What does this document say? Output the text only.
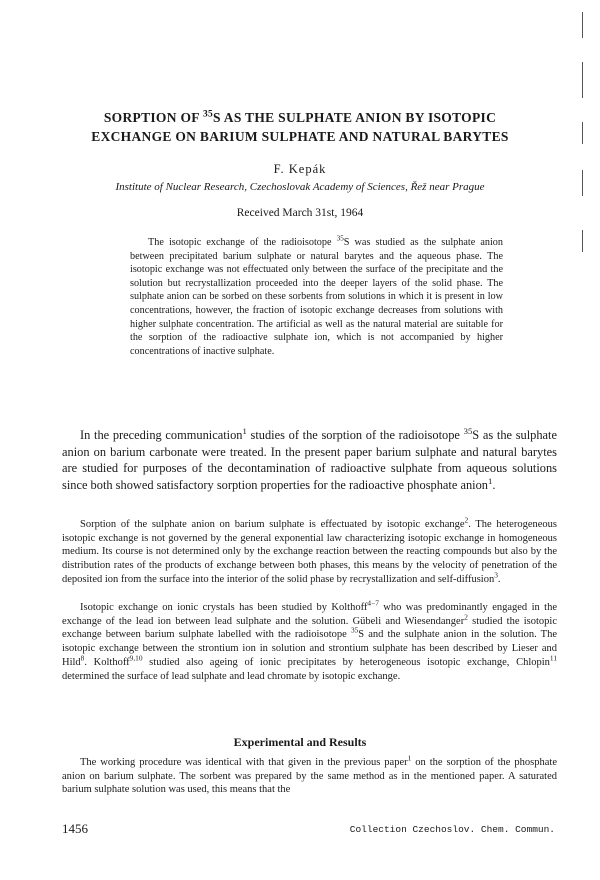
SORPTION OF $^{35}$S AS THE SULPHATE ANION BY ISOTOPIC
EXCHANGE ON BARIUM SULPHATE AND NATURAL BARYTES
F. Kepák
Institute of Nuclear Research, Czechoslovak Academy of Sciences, Řež near Prague
Received March 31st, 1964
The isotopic exchange of the radioisotope $^{35}$S was studied as the sulphate anion between precipitated barium sulphate or natural barytes and the aqueous phase. The isotopic exchange was not effectuated only between the surface of the precipitate and the solution but recrystallization proceeded into the deeper layers of the solid phase. The sulphate anion can be sorbed on these sorbents from solutions in which it is present in low concentrations, however, the fraction of isotopic exchange decreases from solutions with higher sulphate concentration. The artificial as well as the natural material are suitable for the sorption of the radioactive sulphate ion, which is not accompanied by higher concentrations of inactive sulphate.
In the preceding communication$^1$ studies of the sorption of the radioisotope $^{35}$S as the sulphate anion on barium carbonate were treated. In the present paper barium sulphate and natural barytes are studied for purposes of the decontamination of radioactive sulphate from aqueous solutions since both showed satisfactory sorption properties for the radioactive phosphate anion$^1$.
Sorption of the sulphate anion on barium sulphate is effectuated by isotopic exchange$^2$. The heterogeneous isotopic exchange is not governed by the general exponential law characterizing isotopic exchange in homogeneous medium. Its course is not determined only by the exchange reaction between the reacting compounds but also by the distribution rates of the products of exchange between both phases, this means by the velocity of penetration of the deposited ion from the surface into the interior of the solid phase by recrystallization and self-diffusion$^3$.
Isotopic exchange on ionic crystals has been studied by Kolthoff$^{4-7}$ who was predominantly engaged in the exchange of the lead ion between lead sulphate and the solution. Gübeli and Wiesendanger$^2$ studied the isotopic exchange between barium sulphate labelled with the radioisotope $^{35}$S and the sulphate anion in the solution. The isotopic exchange between the strontium ion in solution and strontium sulphate has been described by Lieser and Hild$^8$. Kolthoff$^{9,10}$ studied also ageing of ionic precipitates by heterogeneous isotopic exchange, Chlopin$^{11}$ determined the surface of lead sulphate and lead chromate by isotopic exchange.
Experimental and Results
The working procedure was identical with that given in the previous paper$^1$ on the sorption of the phosphate anion on barium sulphate. The sorbent was prepared by the same method as in the mentioned paper. A saturated barium sulphate solution was used, this means that the
1456	Collection Czechoslov. Chem. Commun.
